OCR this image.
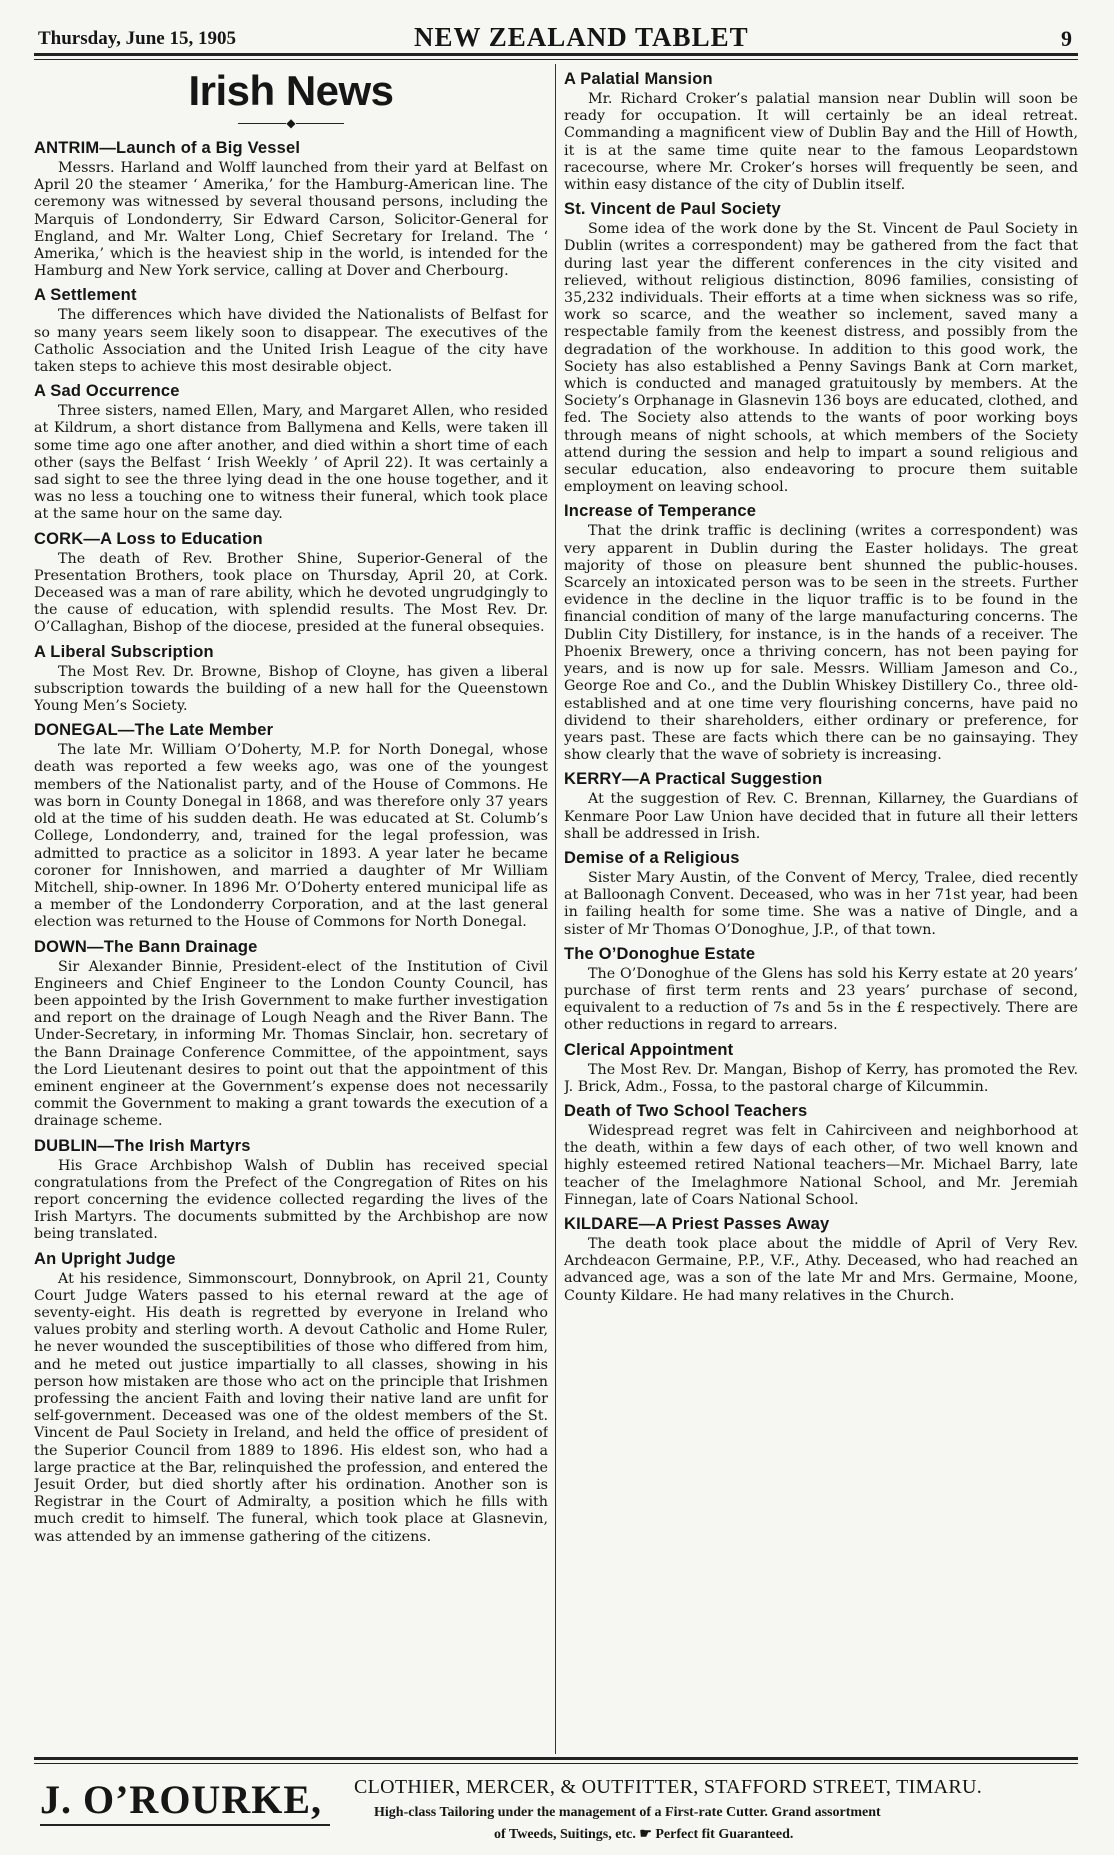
Thursday, June 15, 1905	NEW ZEALAND TABLET	9
Irish News
◆
ANTRIM—Launch of a Big Vessel

Messrs. Harland and Wolff launched from their yard at Belfast on April 20 the steamer ‘ Amerika,’ for the Hamburg-American line. The ceremony was witnessed by several thousand persons, including the Marquis of Londonderry, Sir Edward Carson, Solicitor-General for England, and Mr. Walter Long, Chief Secretary for Ireland. The ‘ Amerika,’ which is the heaviest ship in the world, is intended for the Hamburg and New York service, calling at Dover and Cherbourg.

A Settlement

The differences which have divided the Nationalists of Belfast for so many years seem likely soon to disappear. The executives of the Catholic Association and the United Irish League of the city have taken steps to achieve this most desirable object.

A Sad Occurrence

Three sisters, named Ellen, Mary, and Margaret Allen, who resided at Kildrum, a short distance from Ballymena and Kells, were taken ill some time ago one after another, and died within a short time of each other (says the Belfast ‘ Irish Weekly ’ of April 22). It was certainly a sad sight to see the three lying dead in the one house together, and it was no less a touching one to witness their funeral, which took place at the same hour on the same day.

CORK—A Loss to Education

The death of Rev. Brother Shine, Superior-General of the Presentation Brothers, took place on Thursday, April 20, at Cork. Deceased was a man of rare ability, which he devoted ungrudgingly to the cause of education, with splendid results. The Most Rev. Dr. O’Callaghan, Bishop of the diocese, presided at the funeral obsequies.

A Liberal Subscription

The Most Rev. Dr. Browne, Bishop of Cloyne, has given a liberal subscription towards the building of a new hall for the Queenstown Young Men’s Society.

DONEGAL—The Late Member

The late Mr. William O’Doherty, M.P. for North Donegal, whose death was reported a few weeks ago, was one of the youngest members of the Nationalist party, and of the House of Commons. He was born in County Donegal in 1868, and was therefore only 37 years old at the time of his sudden death. He was educated at St. Columb’s College, Londonderry, and, trained for the legal profession, was admitted to practice as a solicitor in 1893. A year later he became coroner for Innishowen, and married a daughter of Mr William Mitchell, ship-owner. In 1896 Mr. O’Doherty entered municipal life as a member of the Londonderry Corporation, and at the last general election was returned to the House of Commons for North Donegal.

DOWN—The Bann Drainage

Sir Alexander Binnie, President-elect of the Institution of Civil Engineers and Chief Engineer to the London County Council, has been appointed by the Irish Government to make further investigation and report on the drainage of Lough Neagh and the River Bann. The Under-Secretary, in informing Mr. Thomas Sinclair, hon. secretary of the Bann Drainage Conference Committee, of the appointment, says the Lord Lieutenant desires to point out that the appointment of this eminent engineer at the Government’s expense does not necessarily commit the Government to making a grant towards the execution of a drainage scheme.

DUBLIN—The Irish Martyrs

His Grace Archbishop Walsh of Dublin has received special congratulations from the Prefect of the Congregation of Rites on his report concerning the evidence collected regarding the lives of the Irish Martyrs. The documents submitted by the Archbishop are now being translated.

An Upright Judge

At his residence, Simmonscourt, Donnybrook, on April 21, County Court Judge Waters passed to his eternal reward at the age of seventy-eight. His death is regretted by everyone in Ireland who values probity and sterling worth. A devout Catholic and Home Ruler, he never wounded the susceptibilities of those who differed from him, and he meted out justice impartially to all classes, showing in his person how mistaken are those who act on the principle that Irishmen professing the ancient Faith and loving their native land are unfit for self-government. Deceased was one of the oldest members of the St. Vincent de Paul Society in Ireland, and held the office of president of the Superior Council from 1889 to 1896. His eldest son, who had a large practice at the Bar, relinquished the profession, and entered the Jesuit Order, but died shortly after his ordination. Another son is Registrar in the Court of Admiralty, a position which he fills with much credit to himself. The funeral, which took place at Glasnevin, was attended by an immense gathering of the citizens.

A Palatial Mansion

Mr. Richard Croker’s palatial mansion near Dublin will soon be ready for occupation. It will certainly be an ideal retreat. Commanding a magnificent view of Dublin Bay and the Hill of Howth, it is at the same time quite near to the famous Leopardstown racecourse, where Mr. Croker’s horses will frequently be seen, and within easy distance of the city of Dublin itself.

St. Vincent de Paul Society

Some idea of the work done by the St. Vincent de Paul Society in Dublin (writes a correspondent) may be gathered from the fact that during last year the different conferences in the city visited and relieved, without religious distinction, 8096 families, consisting of 35,232 individuals. Their efforts at a time when sickness was so rife, work so scarce, and the weather so inclement, saved many a respectable family from the keenest distress, and possibly from the degradation of the workhouse. In addition to this good work, the Society has also established a Penny Savings Bank at Corn market, which is conducted and managed gratuitously by members. At the Society’s Orphanage in Glasnevin 136 boys are educated, clothed, and fed. The Society also attends to the wants of poor working boys through means of night schools, at which members of the Society attend during the session and help to impart a sound religious and secular education, also endeavoring to procure them suitable employment on leaving school.

Increase of Temperance

That the drink traffic is declining (writes a correspondent) was very apparent in Dublin during the Easter holidays. The great majority of those on pleasure bent shunned the public-houses. Scarcely an intoxicated person was to be seen in the streets. Further evidence in the decline in the liquor traffic is to be found in the financial condition of many of the large manufacturing concerns. The Dublin City Distillery, for instance, is in the hands of a receiver. The Phoenix Brewery, once a thriving concern, has not been paying for years, and is now up for sale. Messrs. William Jameson and Co., George Roe and Co., and the Dublin Whiskey Distillery Co., three old-established and at one time very flourishing concerns, have paid no dividend to their shareholders, either ordinary or preference, for years past. These are facts which there can be no gainsaying. They show clearly that the wave of sobriety is increasing.

KERRY—A Practical Suggestion

At the suggestion of Rev. C. Brennan, Killarney, the Guardians of Kenmare Poor Law Union have decided that in future all their letters shall be addressed in Irish.

Demise of a Religious

Sister Mary Austin, of the Convent of Mercy, Tralee, died recently at Balloonagh Convent. Deceased, who was in her 71st year, had been in failing health for some time. She was a native of Dingle, and a sister of Mr Thomas O’Donoghue, J.P., of that town.

The O’Donoghue Estate

The O’Donoghue of the Glens has sold his Kerry estate at 20 years’ purchase of first term rents and 23 years’ purchase of second, equivalent to a reduction of 7s and 5s in the £ respectively. There are other reductions in regard to arrears.

Clerical Appointment

The Most Rev. Dr. Mangan, Bishop of Kerry, has promoted the Rev. J. Brick, Adm., Fossa, to the pastoral charge of Kilcummin.

Death of Two School Teachers

Widespread regret was felt in Cahirciveen and neighborhood at the death, within a few days of each other, of two well known and highly esteemed retired National teachers—Mr. Michael Barry, late teacher of the Imelaghmore National School, and Mr. Jeremiah Finnegan, late of Coars National School.

KILDARE—A Priest Passes Away

The death took place about the middle of April of Very Rev. Archdeacon Germaine, P.P., V.F., Athy. Deceased, who had reached an advanced age, was a son of the late Mr and Mrs. Germaine, Moone, County Kildare. He had many relatives in the Church.

J. O’ROURKE, CLOTHIER, MERCER, & OUTFITTER, STAFFORD STREET, TIMARU.
High-class Tailoring under the management of a First-rate Cutter. Grand assortment
of Tweeds, Suitings, etc. ☛ Perfect fit Guaranteed.
